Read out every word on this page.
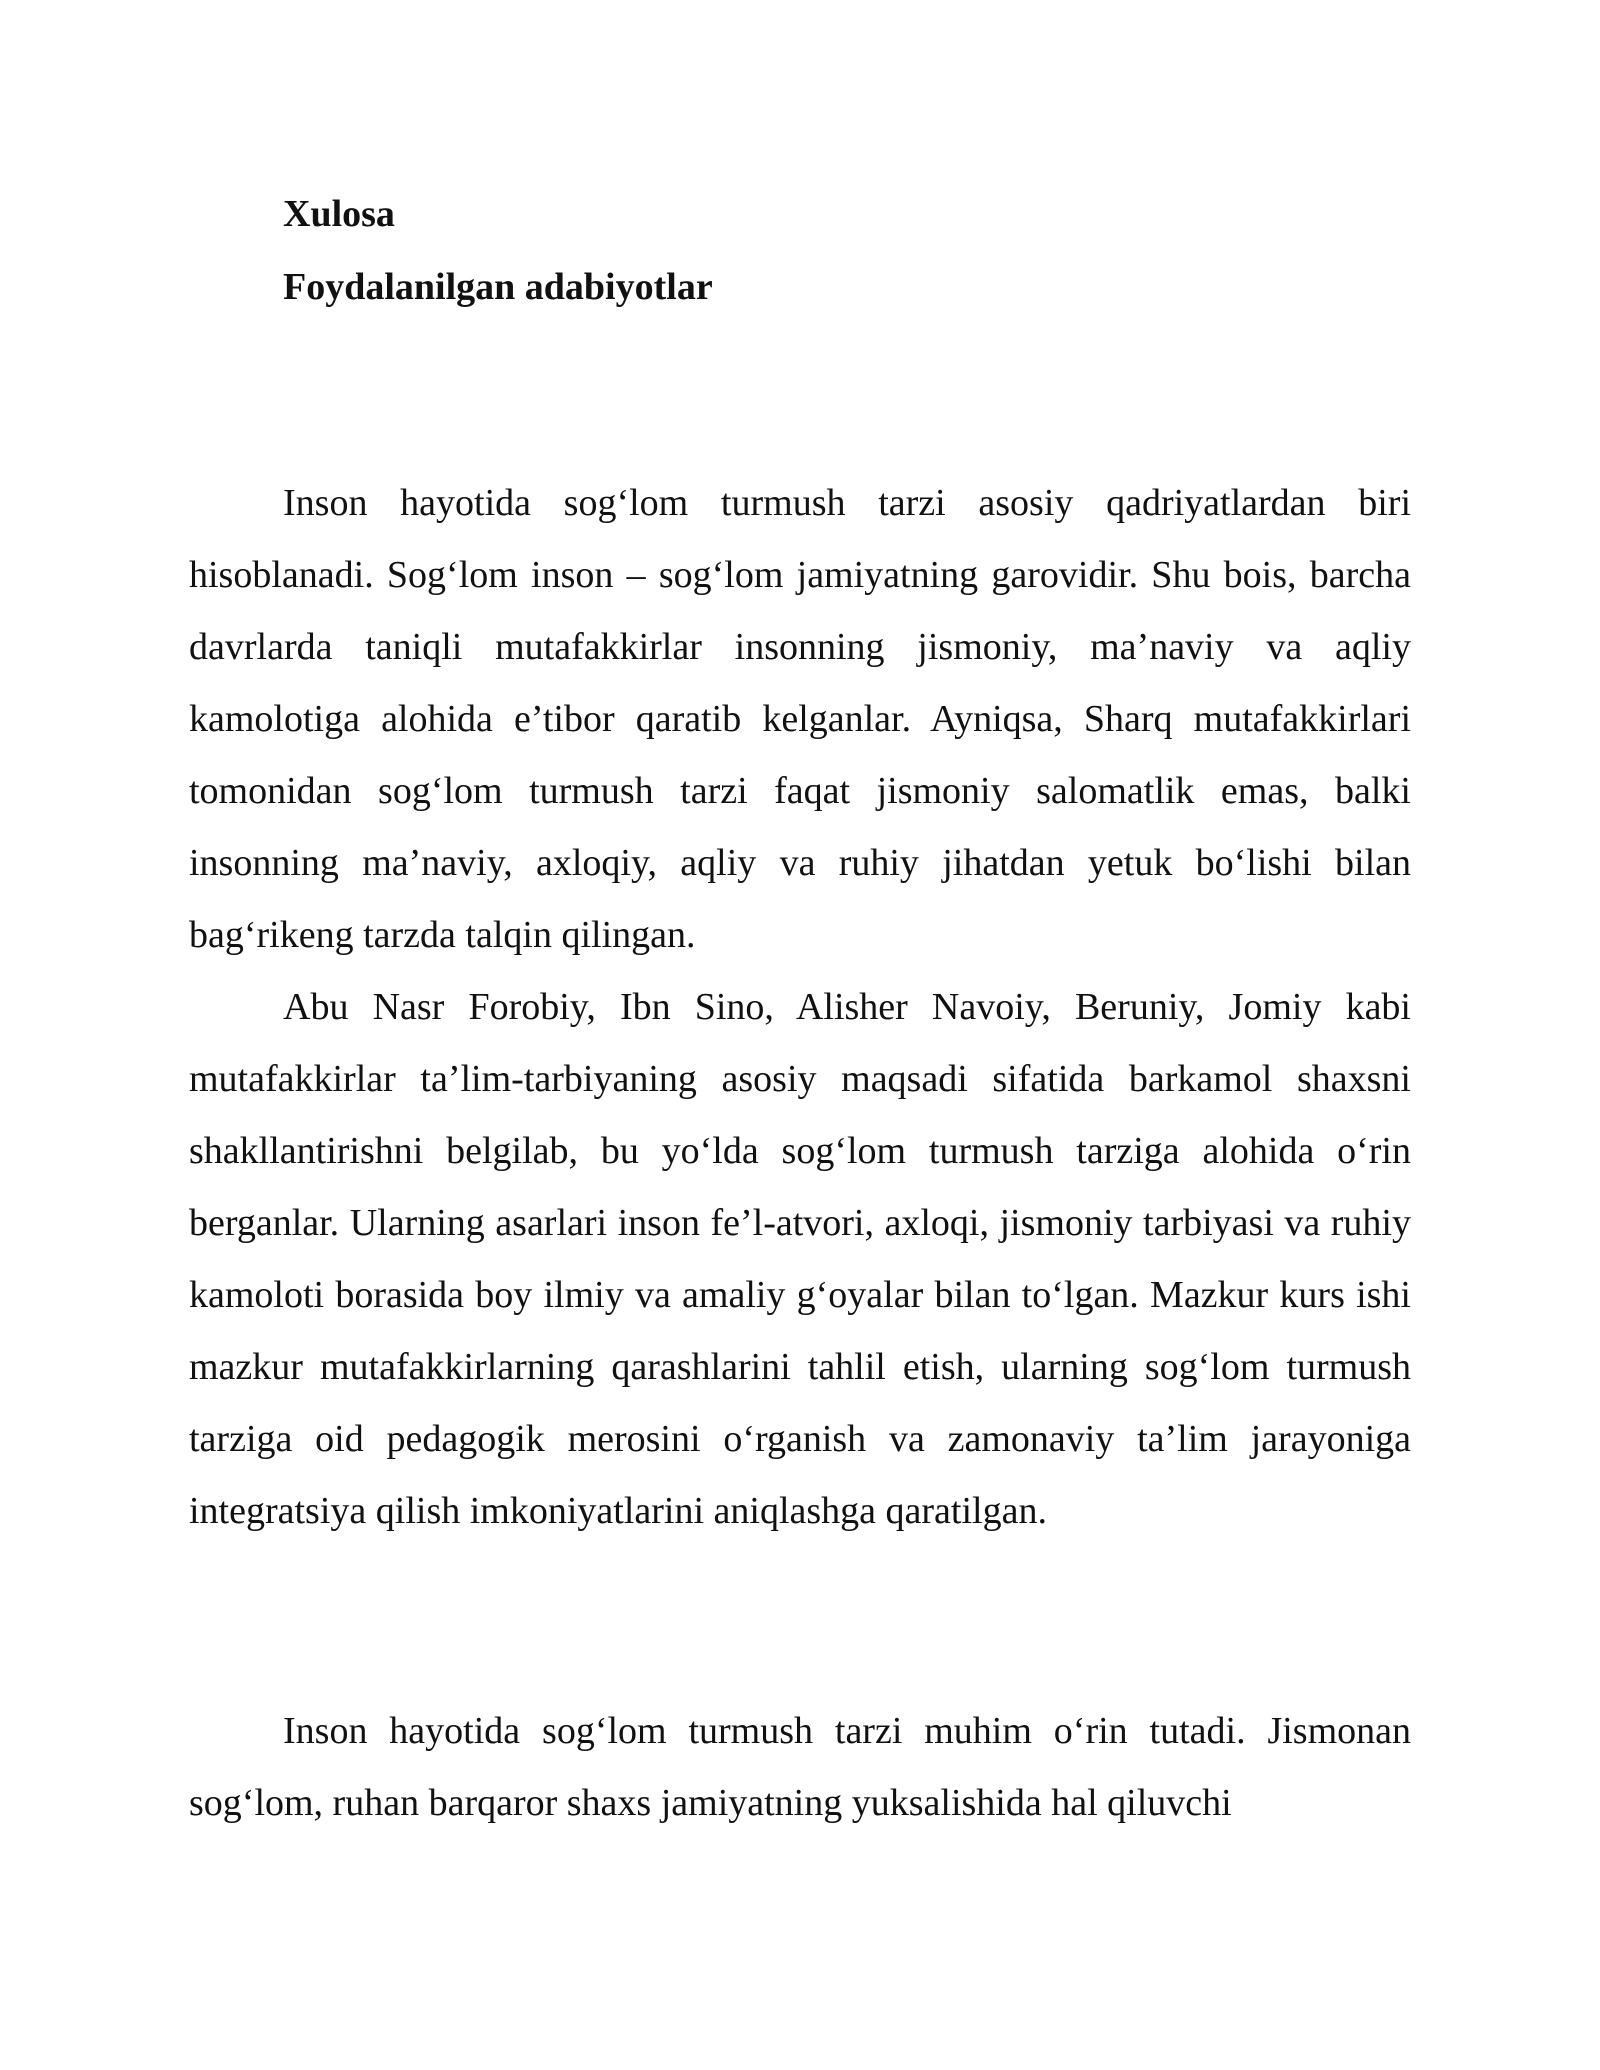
Xulosa
Foydalanilgan adabiyotlar

Inson hayotida sog‘lom turmush tarzi asosiy qadriyatlardan biri hisoblanadi. Sog‘lom inson – sog‘lom jamiyatning garovidir. Shu bois, barcha davrlarda taniqli mutafakkirlar insonning jismoniy, ma’naviy va aqliy kamolotiga alohida e’tibor qaratib kelganlar. Ayniqsa, Sharq mutafakkirlari tomonidan sog‘lom turmush tarzi faqat jismoniy salomatlik emas, balki insonning ma’naviy, axloqiy, aqliy va ruhiy jihatdan yetuk bo‘lishi bilan bag‘rikeng tarzda talqin qilingan.

Abu Nasr Forobiy, Ibn Sino, Alisher Navoiy, Beruniy, Jomiy kabi mutafakkirlar ta’lim-tarbiyaning asosiy maqsadi sifatida barkamol shaxsni shakllantirishni belgilab, bu yo‘lda sog‘lom turmush tarziga alohida o‘rin berganlar. Ularning asarlari inson fe’l-atvori, axloqi, jismoniy tarbiyasi va ruhiy kamoloti borasida boy ilmiy va amaliy g‘oyalar bilan to‘lgan. Mazkur kurs ishi mazkur mutafakkirlarning qarashlarini tahlil etish, ularning sog‘lom turmush tarziga oid pedagogik merosini o‘rganish va zamonaviy ta’lim jarayoniga integratsiya qilish imkoniyatlarini aniqlashga qaratilgan.

Inson hayotida sog‘lom turmush tarzi muhim o‘rin tutadi. Jismonan sog‘lom, ruhan barqaror shaxs jamiyatning yuksalishida hal qiluvchi
